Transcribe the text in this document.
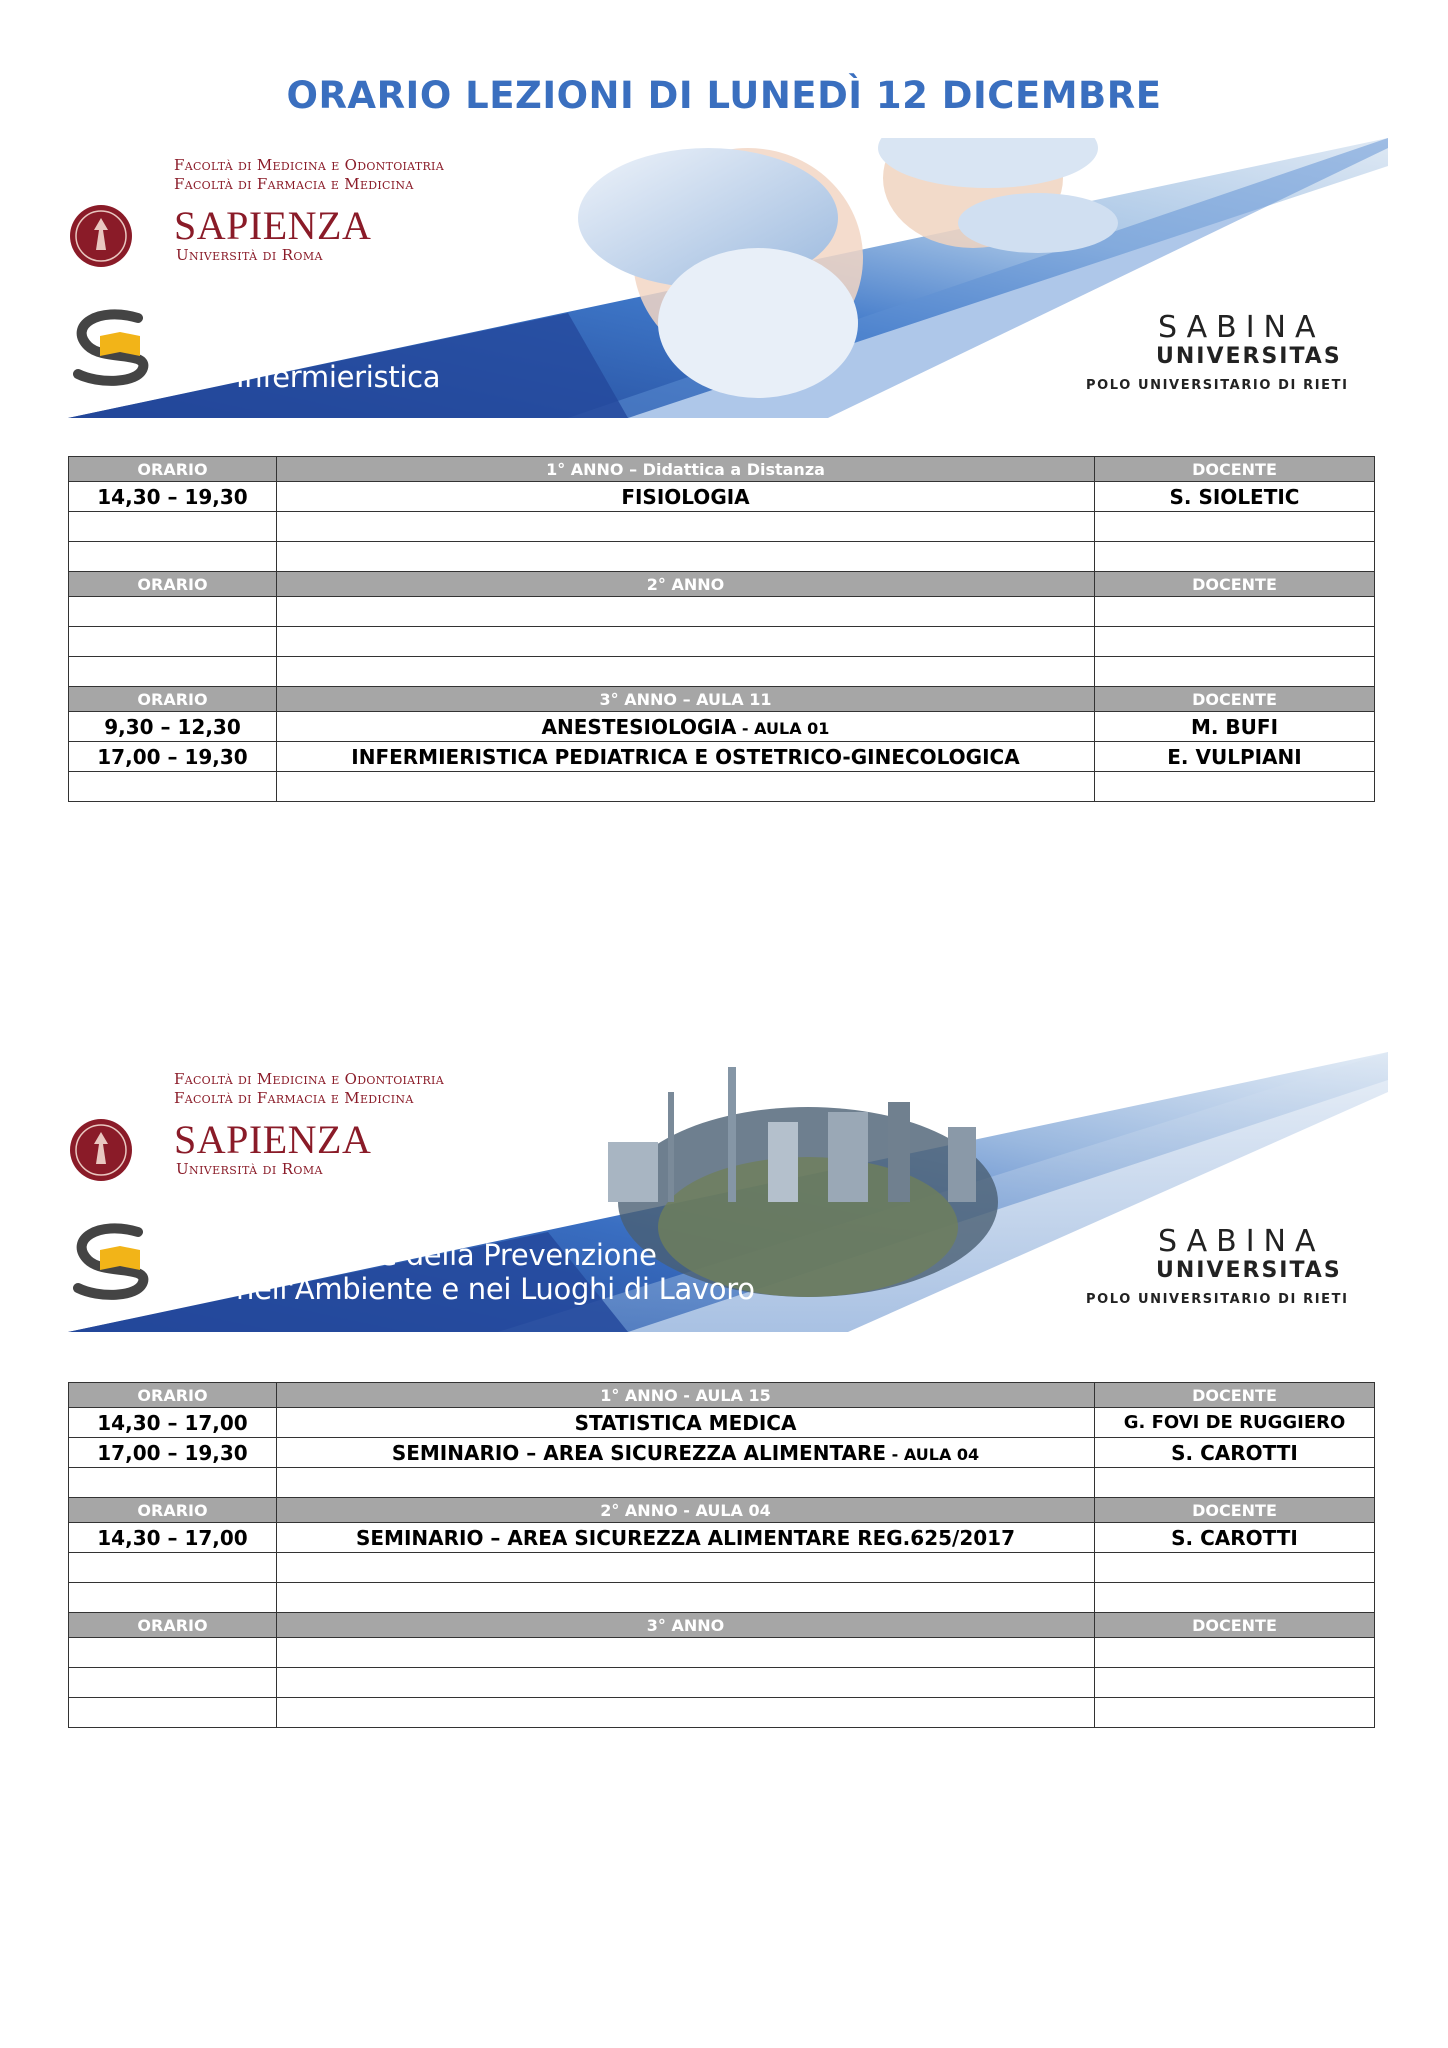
ORARIO LEZIONI DI LUNEDÌ 12 DICEMBRE
Facoltà di Medicina e Odontoiatria
Facoltà di Farmacia e Medicina
SAPIENZA
Università di Roma
Infermieristica
SABINA
UNIVERSITAS
POLO UNIVERSITARIO DI RIETI
ORARIO	1° ANNO – Didattica a Distanza	DOCENTE
14,30 – 19,30	FISIOLOGIA	S. SIOLETIC

ORARIO	2° ANNO	DOCENTE

ORARIO	3° ANNO – AULA 11	DOCENTE
9,30 – 12,30	ANESTESIOLOGIA - AULA 01	M. BUFI
17,00 – 19,30	INFERMIERISTICA PEDIATRICA E OSTETRICO-GINECOLOGICA	E. VULPIANI

Facoltà di Medicina e Odontoiatria
Facoltà di Farmacia e Medicina
SAPIENZA
Università di Roma
Tecniche della Prevenzione
nell'Ambiente e nei Luoghi di Lavoro
SABINA
UNIVERSITAS
POLO UNIVERSITARIO DI RIETI
ORARIO	1° ANNO - AULA 15	DOCENTE
14,30 – 17,00	STATISTICA MEDICA	G. FOVI DE RUGGIERO
17,00 – 19,30	SEMINARIO – AREA SICUREZZA ALIMENTARE - AULA 04	S. CAROTTI

ORARIO	2° ANNO - AULA 04	DOCENTE
14,30 – 17,00	SEMINARIO – AREA SICUREZZA ALIMENTARE REG.625/2017	S. CAROTTI

ORARIO	3° ANNO	DOCENTE
